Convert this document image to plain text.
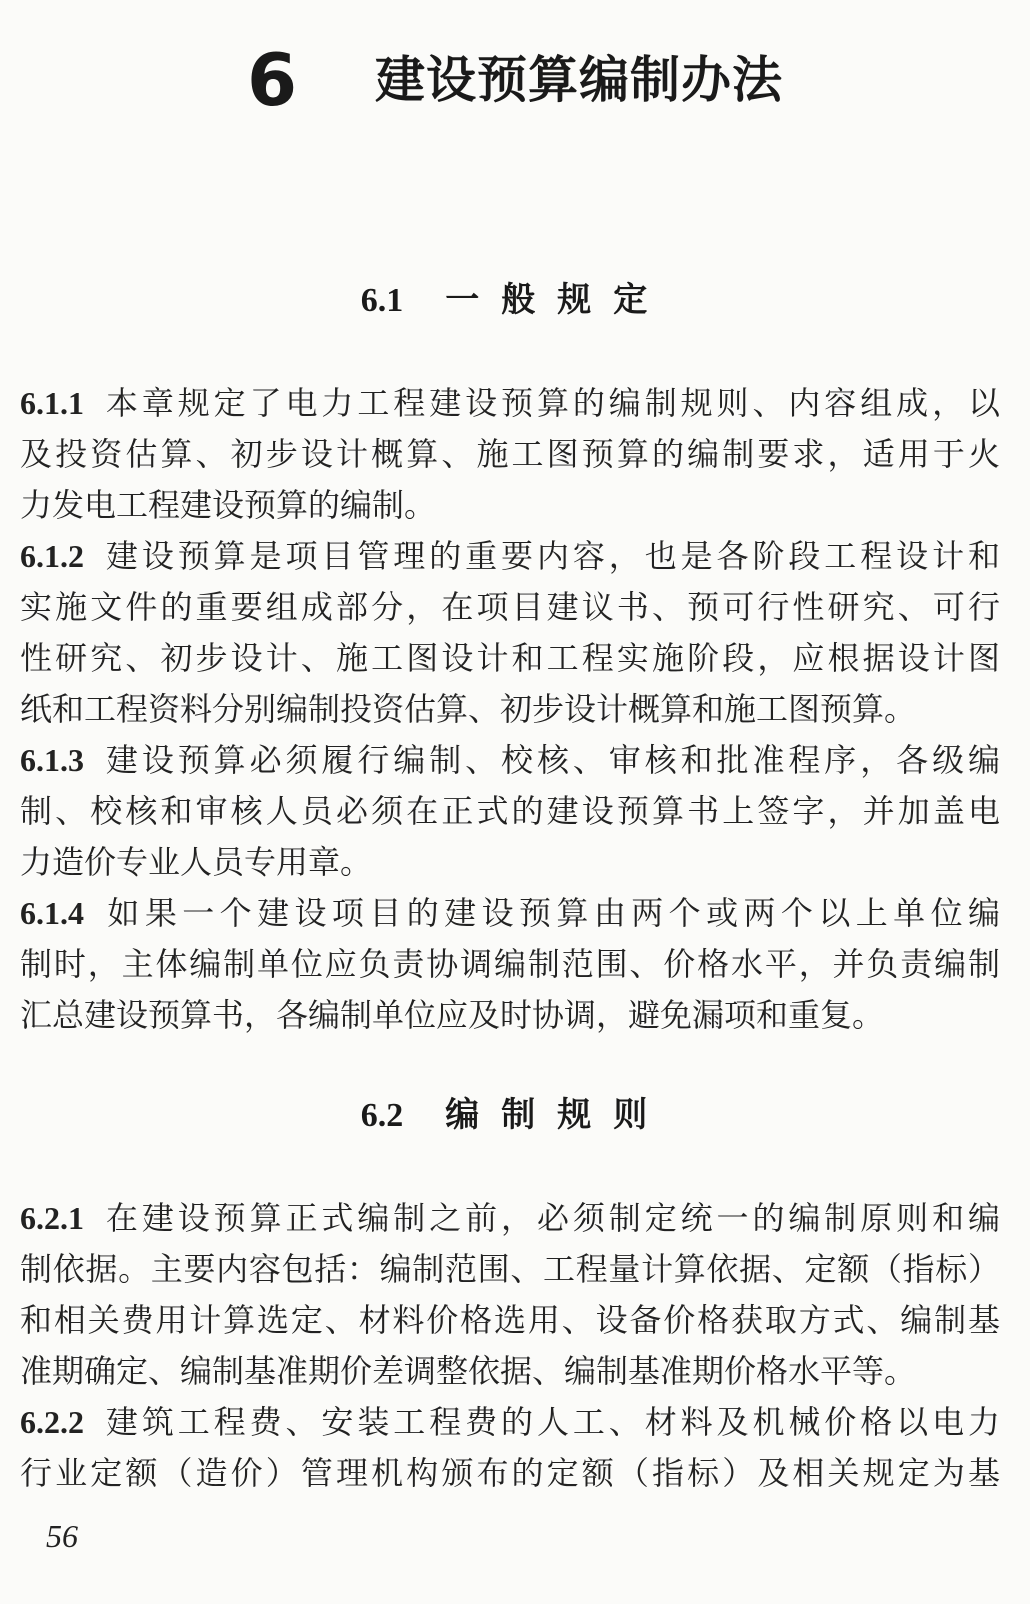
6 建设预算编制办法
6.1 一般规定
6.1.1 本章规定了电力工程建设预算的编制规则、内容组成，以
及投资估算、初步设计概算、施工图预算的编制要求，适用于火
力发电工程建设预算的编制。
6.1.2 建设预算是项目管理的重要内容，也是各阶段工程设计和
实施文件的重要组成部分，在项目建议书、预可行性研究、可行
性研究、初步设计、施工图设计和工程实施阶段，应根据设计图
纸和工程资料分别编制投资估算、初步设计概算和施工图预算。
6.1.3 建设预算必须履行编制、校核、审核和批准程序，各级编
制、校核和审核人员必须在正式的建设预算书上签字，并加盖电
力造价专业人员专用章。
6.1.4 如果一个建设项目的建设预算由两个或两个以上单位编
制时，主体编制单位应负责协调编制范围、价格水平，并负责编制
汇总建设预算书，各编制单位应及时协调，避免漏项和重复。
6.2 编制规则
6.2.1 在建设预算正式编制之前，必须制定统一的编制原则和编
制依据。主要内容包括：编制范围、工程量计算依据、定额（指标）
和相关费用计算选定、材料价格选用、设备价格获取方式、编制基
准期确定、编制基准期价差调整依据、编制基准期价格水平等。
6.2.2 建筑工程费、安装工程费的人工、材料及机械价格以电力
行业定额（造价）管理机构颁布的定额（指标）及相关规定为基
56
